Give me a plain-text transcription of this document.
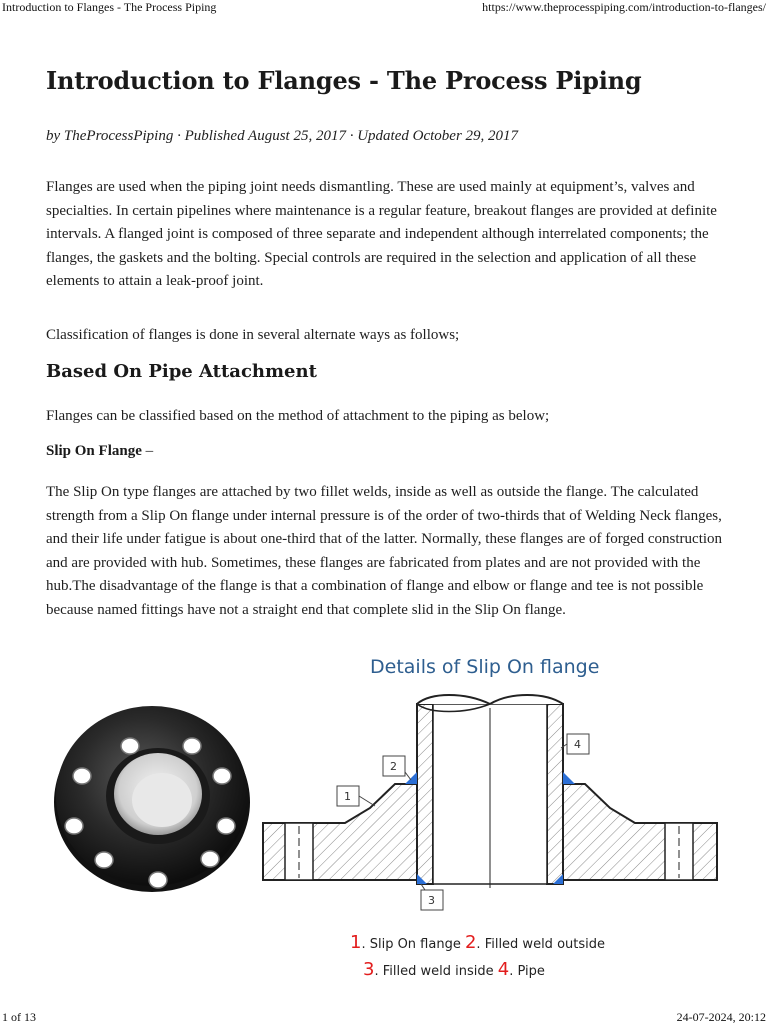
Introduction to Flanges - The Process Piping	https://www.theprocesspiping.com/introduction-to-flanges/
Introduction to Flanges - The Process Piping
by TheProcessPiping · Published August 25, 2017 · Updated October 29, 2017

Flanges are used when the piping joint needs dismantling. These are used mainly at equipment’s, valves and specialties. In certain pipelines where maintenance is a regular feature, breakout flanges are provided at definite intervals. A flanged joint is composed of three separate and independent although interrelated components; the flanges, the gaskets and the bolting. Special controls are required in the selection and application of all these elements to attain a leak-proof joint.

Classification of flanges is done in several alternate ways as follows;

Based On Pipe Attachment

Flanges can be classified based on the method of attachment to the piping as below;

Slip On Flange –

The Slip On type flanges are attached by two fillet welds, inside as well as outside the flange. The calculated strength from a Slip On flange under internal pressure is of the order of two-thirds that of Welding Neck flanges, and their life under fatigue is about one-third that of the latter. Normally, these flanges are of forged construction and are provided with hub. Sometimes, these flanges are fabricated from plates and are not provided with the hub.The disadvantage of the flange is that a combination of flange and elbow or flange and tee is not possible because named fittings have not a straight end that complete slid in the Slip On flange.

Details of Slip On flange
1
2
3
4
1. Slip On flange 2. Filled weld outside
3. Filled weld inside 4. Pipe
1 of 13	24-07-2024, 20:12
